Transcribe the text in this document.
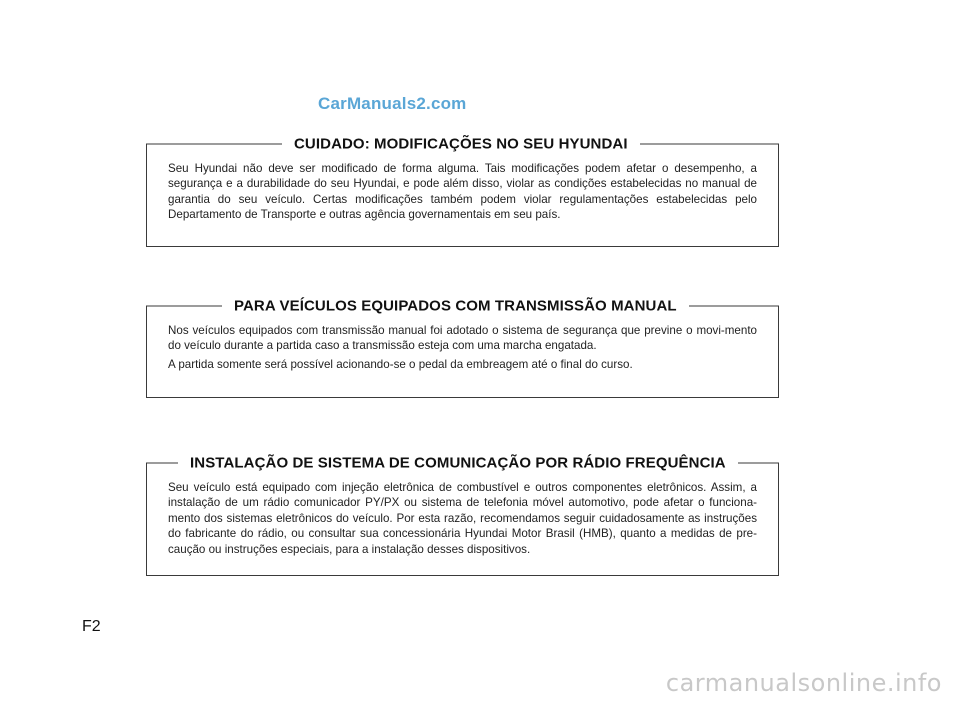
CarManuals2.com
CUIDADO: MODIFICAÇÕES NO SEU HYUNDAI

Seu Hyundai não deve ser modificado de forma alguma. Tais modificações podem afetar o desempenho, a segurança e a durabilidade do seu Hyundai, e pode além disso, violar as condições estabelecidas no manual de garantia do seu veículo. Certas modificações também podem violar regulamentações estabelecidas pelo Departamento de Transporte e outras agência governamentais em seu país.

PARA VEÍCULOS EQUIPADOS COM TRANSMISSÃO MANUAL

Nos veículos equipados com transmissão manual foi adotado o sistema de segurança que previne o movi-mento do veículo durante a partida caso a transmissão esteja com uma marcha engatada.

A partida somente será possível acionando-se o pedal da embreagem até o final do curso.

INSTALAÇÃO DE SISTEMA DE COMUNICAÇÃO POR RÁDIO FREQUÊNCIA

Seu veículo está equipado com injeção eletrônica de combustível e outros componentes eletrônicos. Assim, a instalação de um rádio comunicador PY/PX ou sistema de telefonia móvel automotivo, pode afetar o funciona-mento dos sistemas eletrônicos do veículo. Por esta razão, recomendamos seguir cuidadosamente as instruções do fabricante do rádio, ou consultar sua concessionária Hyundai Motor Brasil (HMB), quanto a medidas de pre-caução ou instruções especiais, para a instalação desses dispositivos.

F2
carmanualsonline.info
